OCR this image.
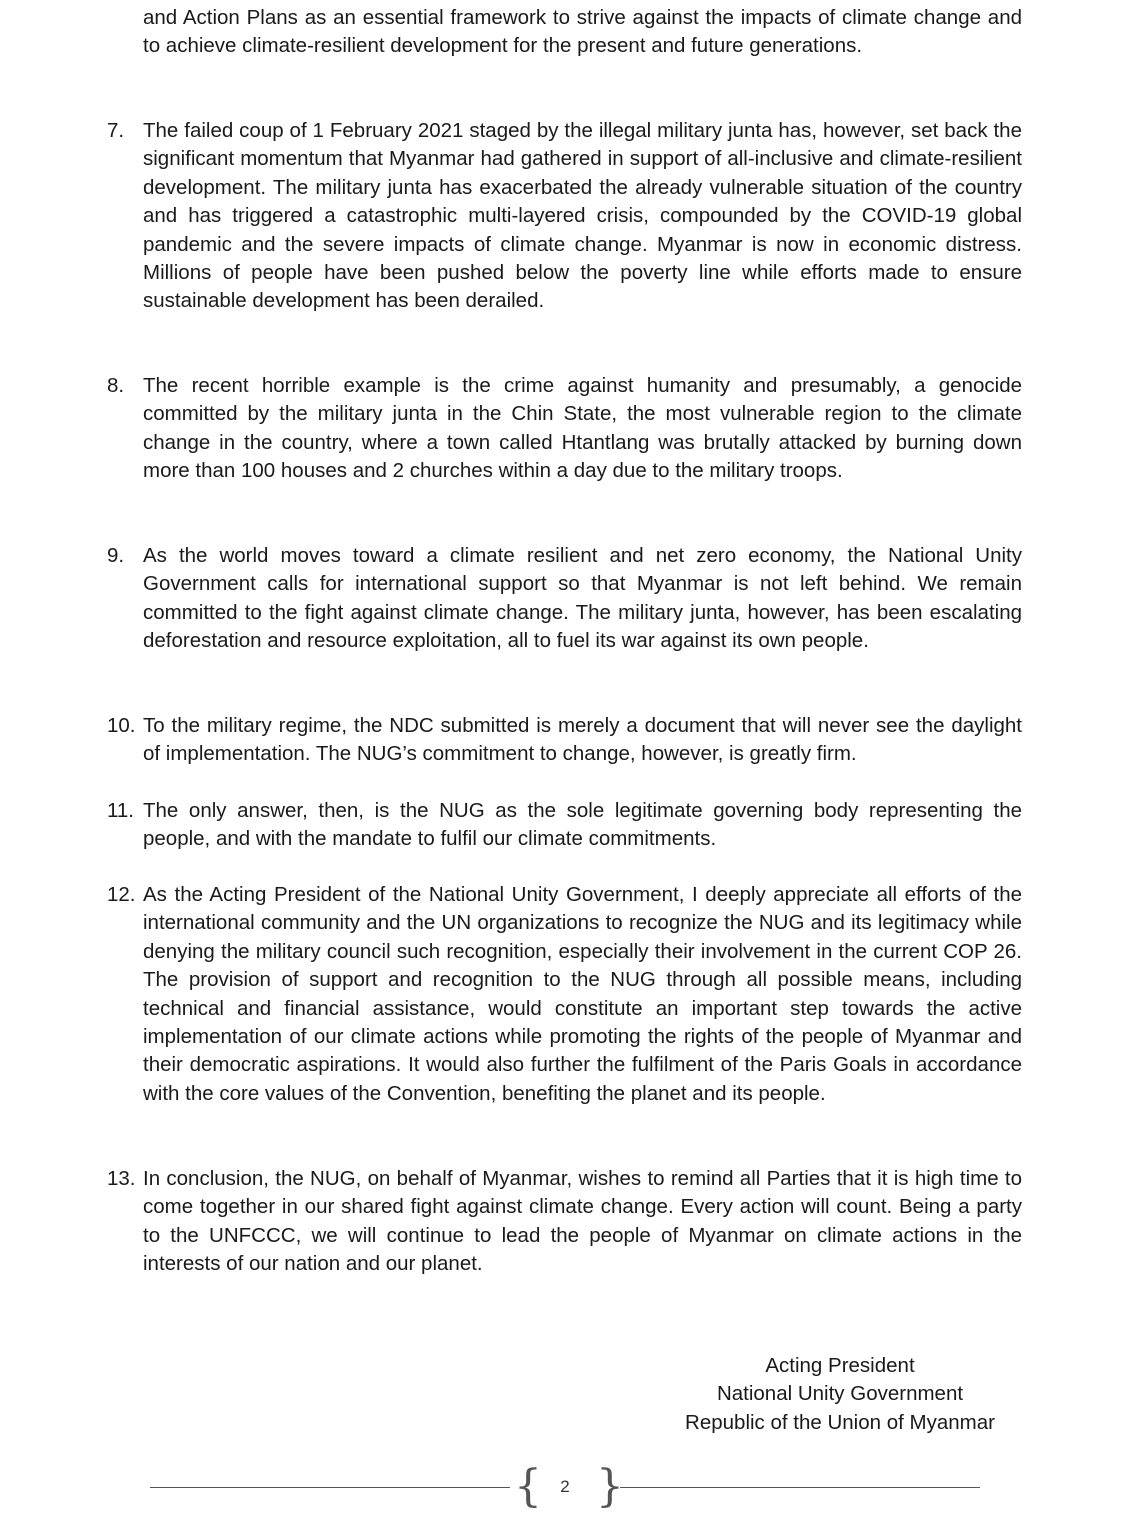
and Action Plans as an essential framework to strive against the impacts of climate change and to achieve climate-resilient development for the present and future generations.
7. The failed coup of 1 February 2021 staged by the illegal military junta has, however, set back the significant momentum that Myanmar had gathered in support of all-inclusive and climate-resilient development. The military junta has exacerbated the already vulnerable situation of the country and has triggered a catastrophic multi-layered crisis, compounded by the COVID-19 global pandemic and the severe impacts of climate change. Myanmar is now in economic distress. Millions of people have been pushed below the poverty line while efforts made to ensure sustainable development has been derailed.
8. The recent horrible example is the crime against humanity and presumably, a genocide committed by the military junta in the Chin State, the most vulnerable region to the climate change in the country, where a town called Htantlang was brutally attacked by burning down more than 100 houses and 2 churches within a day due to the military troops.
9. As the world moves toward a climate resilient and net zero economy, the National Unity Government calls for international support so that Myanmar is not left behind. We remain committed to the fight against climate change. The military junta, however, has been escalating deforestation and resource exploitation, all to fuel its war against its own people.
10. To the military regime, the NDC submitted is merely a document that will never see the daylight of implementation. The NUG’s commitment to change, however, is greatly firm.
11. The only answer, then, is the NUG as the sole legitimate governing body representing the people, and with the mandate to fulfil our climate commitments.
12. As the Acting President of the National Unity Government, I deeply appreciate all efforts of the international community and the UN organizations to recognize the NUG and its legitimacy while denying the military council such recognition, especially their involvement in the current COP 26. The provision of support and recognition to the NUG through all possible means, including technical and financial assistance, would constitute an important step towards the active implementation of our climate actions while promoting the rights of the people of Myanmar and their democratic aspirations. It would also further the fulfilment of the Paris Goals in accordance with the core values of the Convention, benefiting the planet and its people.
13. In conclusion, the NUG, on behalf of Myanmar, wishes to remind all Parties that it is high time to come together in our shared fight against climate change. Every action will count. Being a party to the UNFCCC, we will continue to lead the people of Myanmar on climate actions in the interests of our nation and our planet.
Acting President
National Unity Government
Republic of the Union of Myanmar
{	2 }
